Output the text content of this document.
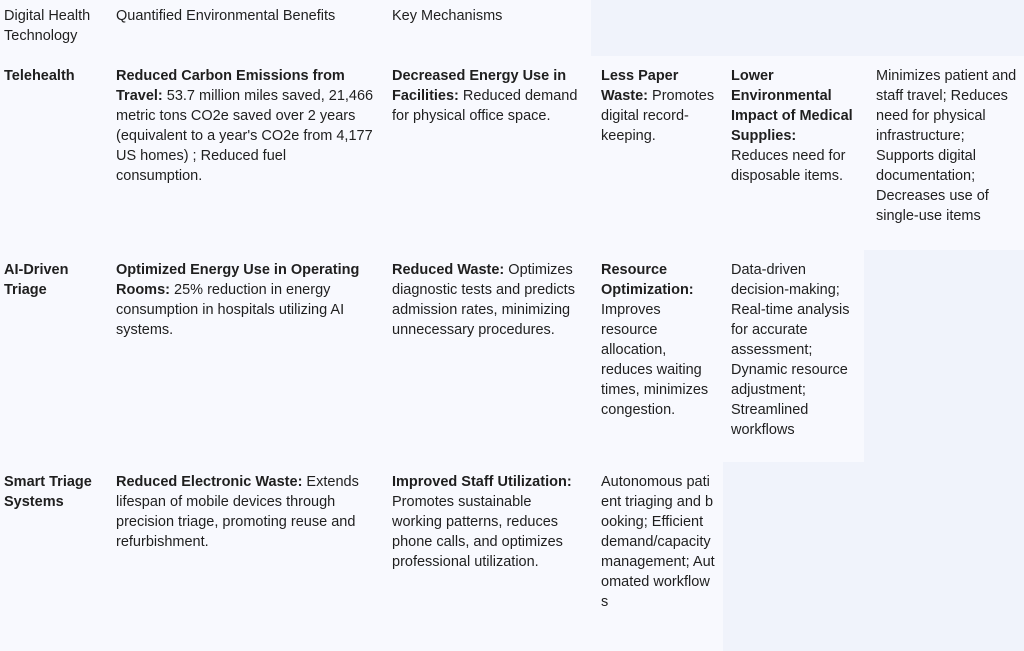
Digital Health Technology	Quantified Environmental Benefits	Key Mechanisms			
Telehealth	Reduced Carbon Emissions from Travel: 53.7 million miles saved, 21,466 metric tons CO2e saved over 2 years (equivalent to a year's CO2e from 4,177 US homes) ; Reduced fuel consumption.	Decreased Energy Use in Facilities: Reduced demand for physical office space.	Less Paper Waste: Promotes digital record-keeping.	Lower Environmental Impact of Medical Supplies: Reduces need for disposable items.	Minimizes patient and staff travel; Reduces need for physical infrastructure; Supports digital documentation; Decreases use of single-use items
AI-Driven Triage	Optimized Energy Use in Operating Rooms: 25% reduction in energy consumption in hospitals utilizing AI systems.	Reduced Waste: Optimizes diagnostic tests and predicts admission rates, minimizing unnecessary procedures.	Resource Optimization: Improves resource allocation, reduces waiting times, minimizes congestion.	Data-driven decision-making; Real-time analysis for accurate assessment; Dynamic resource adjustment; Streamlined workflows	
Smart Triage Systems	Reduced Electronic Waste: Extends lifespan of mobile devices through precision triage, promoting reuse and refurbishment.	Improved Staff Utilization: Promotes sustainable working patterns, reduces phone calls, and optimizes professional utilization.	Autonomous patient triaging and booking; Efficient demand/capacity management; Automated workflows		
